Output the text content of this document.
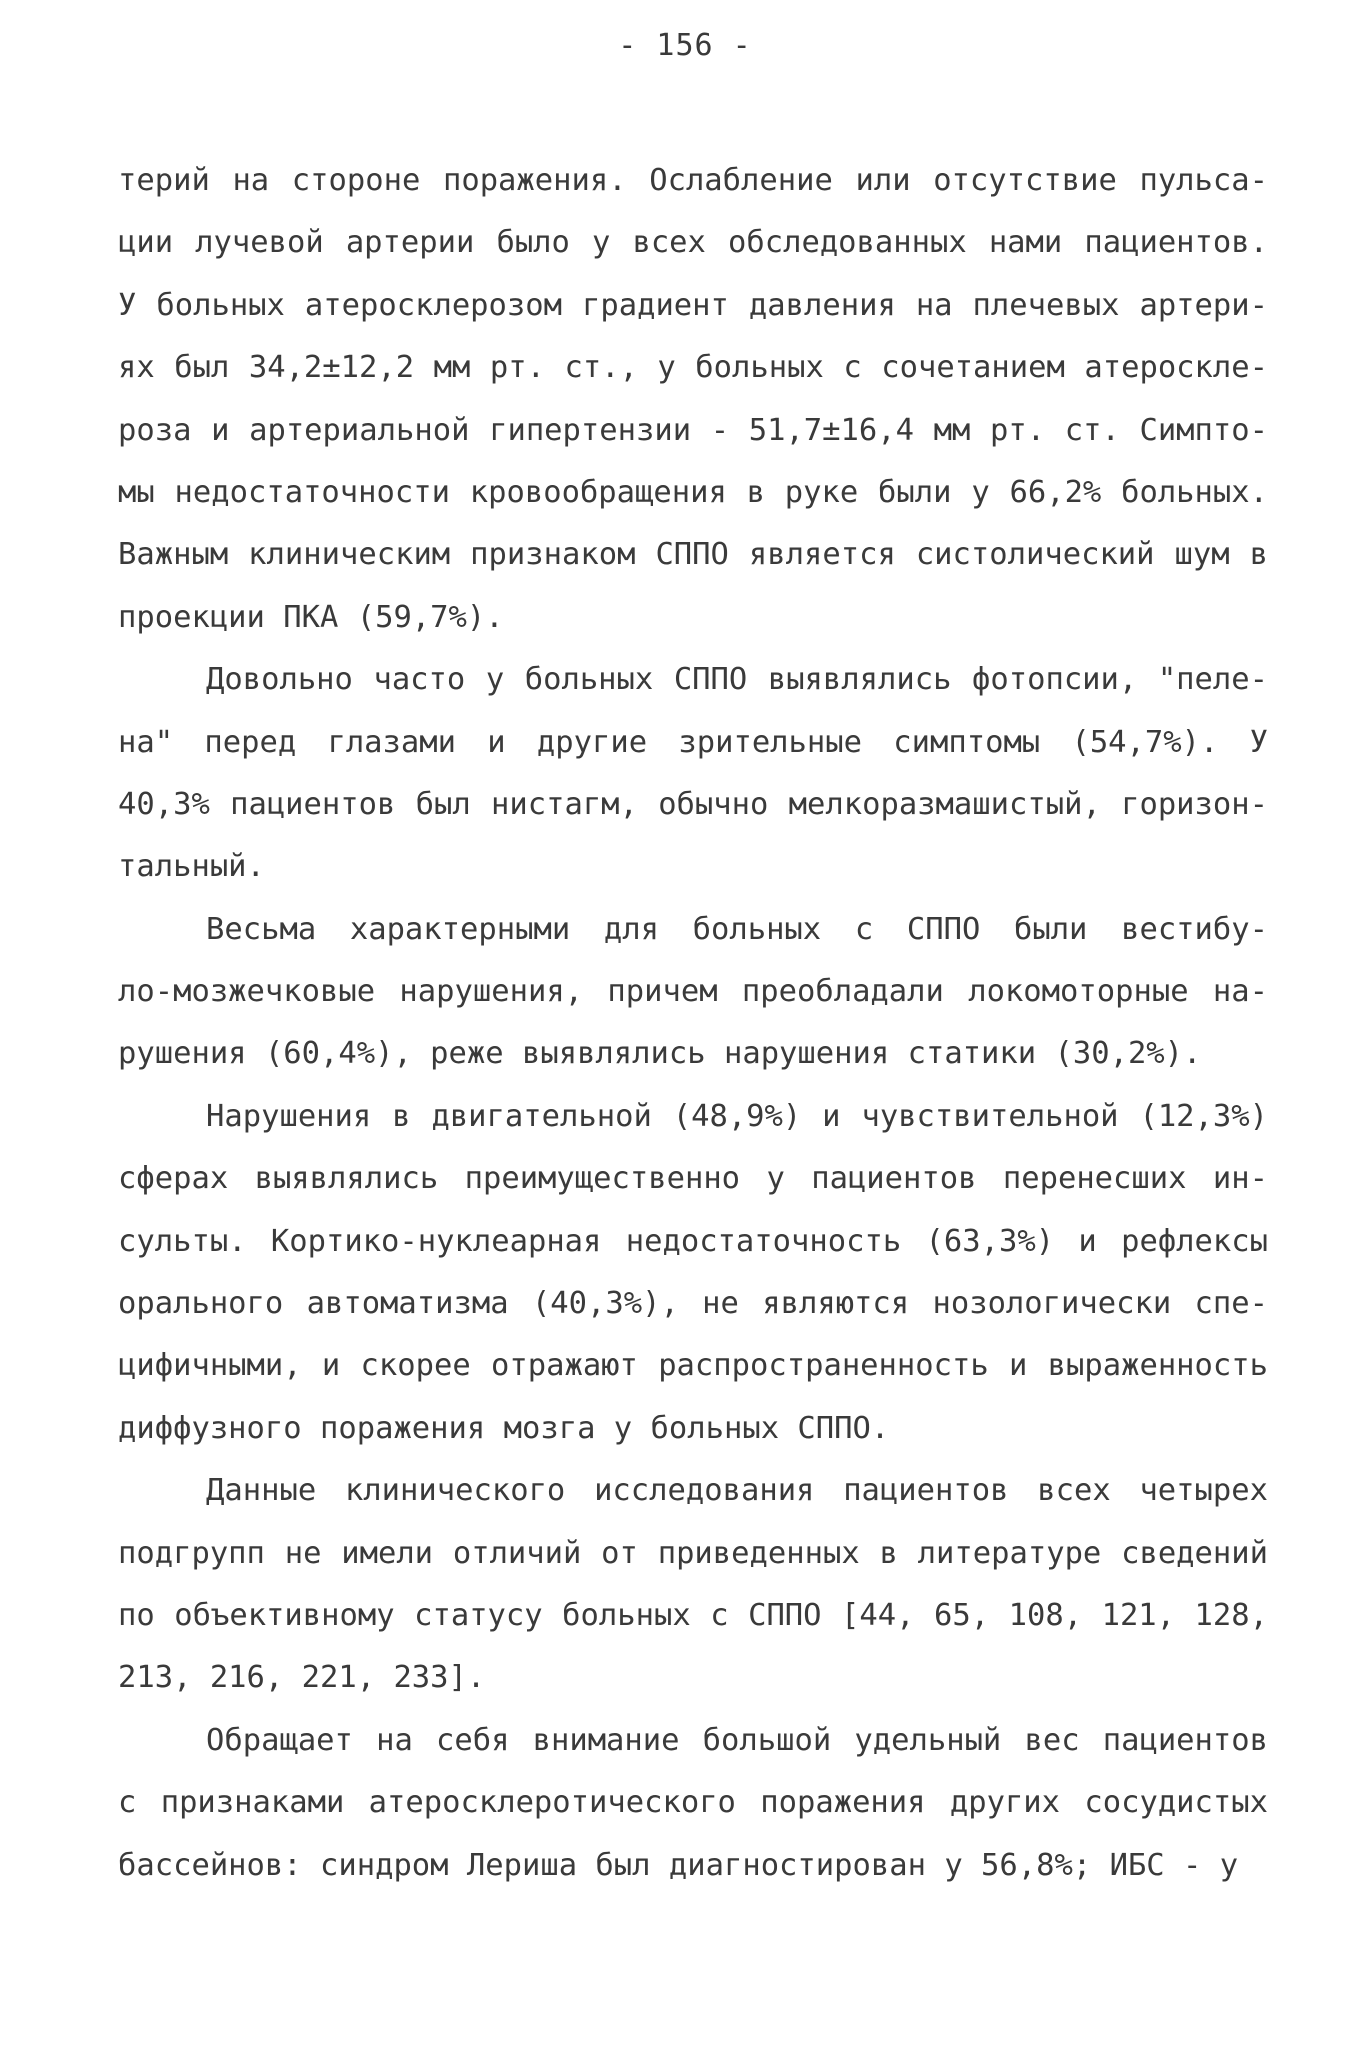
- 156 -
терий на стороне поражения. Ослабление или отсутствие пульса-
ции лучевой артерии было у всех обследованных нами пациентов.
У больных атеросклерозом градиент давления на плечевых артери-
ях был 34,2±12,2 мм рт. ст., у больных с сочетанием атероскле-
роза и артериальной гипертензии - 51,7±16,4 мм рт. ст. Симпто-
мы недостаточности кровообращения в руке были у 66,2% больных.
Важным клиническим признаком СППО является систолический шум в
проекции ПКА (59,7%).
Довольно часто у больных СППО выявлялись фотопсии, "пеле-
на" перед глазами и другие зрительные симптомы (54,7%). У
40,3% пациентов был нистагм, обычно мелкоразмашистый, горизон-
тальный.
Весьма характерными для больных с СППО были вестибу-
ло-мозжечковые нарушения, причем преобладали локомоторные на-
рушения (60,4%), реже выявлялись нарушения статики (30,2%).
Нарушения в двигательной (48,9%) и чувствительной (12,3%)
сферах выявлялись преимущественно у пациентов перенесших ин-
сульты. Кортико-нуклеарная недостаточность (63,3%) и рефлексы
орального автоматизма (40,3%), не являются нозологически спе-
цифичными, и скорее отражают распространенность и выраженность
диффузного поражения мозга у больных СППО.
Данные клинического исследования пациентов всех четырех
подгрупп не имели отличий от приведенных в литературе сведений
по объективному статусу больных с СППО [44, 65, 108, 121, 128,
213, 216, 221, 233].
Обращает на себя внимание большой удельный вес пациентов
с признаками атеросклеротического поражения других сосудистых
бассейнов: синдром Лериша был диагностирован у 56,8%; ИБС - у
